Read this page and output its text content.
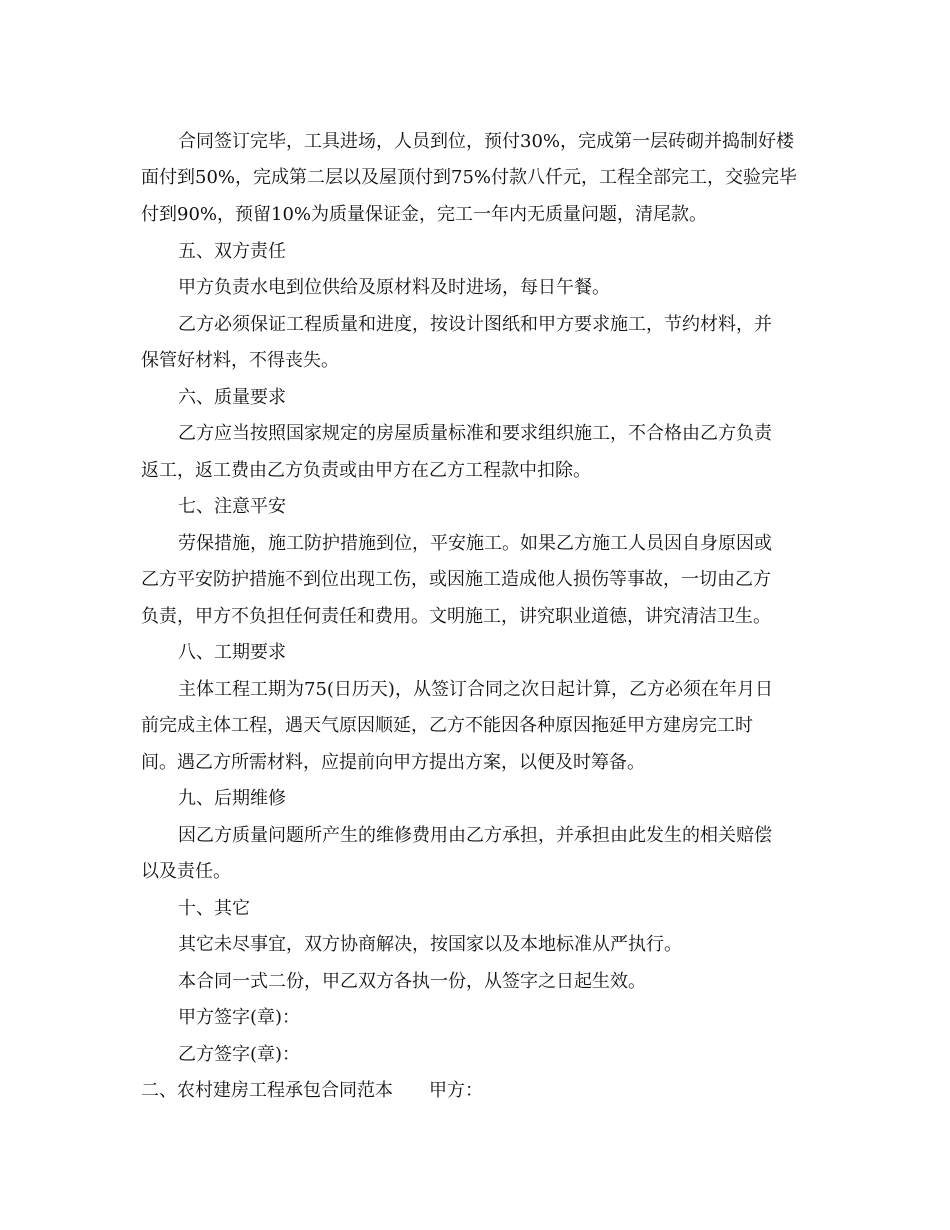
合同签订完毕，工具进场，人员到位，预付30%，完成第一层砖砌并捣制好楼
面付到50%，完成第二层以及屋顶付到75%付款八仟元，工程全部完工，交验完毕
付到90%，预留10%为质量保证金，完工一年内无质量问题，清尾款。
五、双方责任
甲方负责水电到位供给及原材料及时进场，每日午餐。
乙方必须保证工程质量和进度，按设计图纸和甲方要求施工，节约材料，并
保管好材料，不得丧失。
六、质量要求
乙方应当按照国家规定的房屋质量标准和要求组织施工，不合格由乙方负责
返工，返工费由乙方负责或由甲方在乙方工程款中扣除。
七、注意平安
劳保措施，施工防护措施到位，平安施工。如果乙方施工人员因自身原因或
乙方平安防护措施不到位出现工伤，或因施工造成他人损伤等事故，一切由乙方
负责，甲方不负担任何责任和费用。文明施工，讲究职业道德，讲究清洁卫生。
八、工期要求
主体工程工期为75(日历天)，从签订合同之次日起计算，乙方必须在年月日
前完成主体工程，遇天气原因顺延，乙方不能因各种原因拖延甲方建房完工时
间。遇乙方所需材料，应提前向甲方提出方案，以便及时筹备。
九、后期维修
因乙方质量问题所产生的维修费用由乙方承担，并承担由此发生的相关赔偿
以及责任。
十、其它
其它未尽事宜，双方协商解决，按国家以及本地标准从严执行。
本合同一式二份，甲乙双方各执一份，从签字之日起生效。
甲方签字(章)：
乙方签字(章)：
二、农村建房工程承包合同范本　　甲方：
